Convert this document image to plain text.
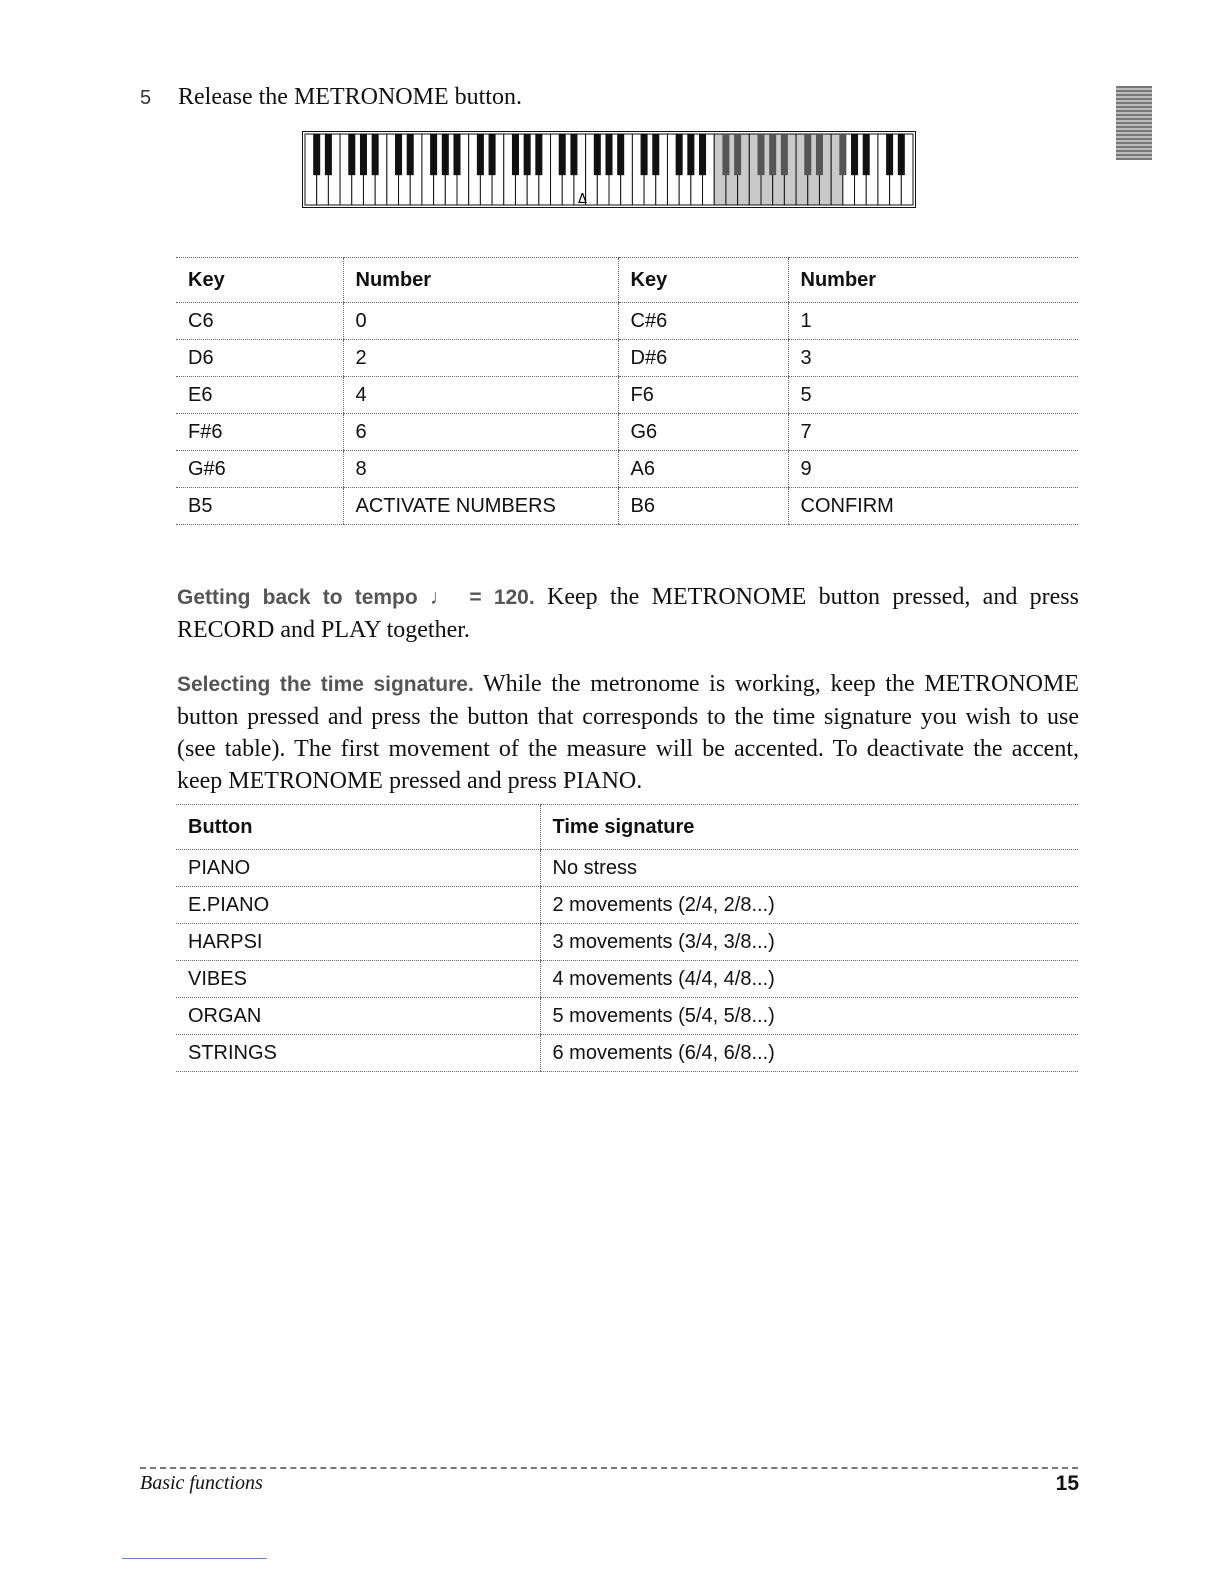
5 Release the METRONOME button.
Δ
Key	Number	Key	Number
C6	0	C#6	1
D6	2	D#6	3
E6	4	F6	5
F#6	6	G6	7
G#6	8	A6	9
B5	ACTIVATE NUMBERS	B6	CONFIRM

Getting back to tempo ♩ = 120. Keep the METRONOME button pressed, and press RECORD and PLAY together.

Selecting the time signature. While the metronome is working, keep the METRONOME button pressed and press the button that corresponds to the time signature you wish to use (see table). The first movement of the measure will be accented. To deactivate the accent, keep METRONOME pressed and press PIANO.

Button	Time signature
PIANO	No stress
E.PIANO	2 movements (2/4, 2/8...)
HARPSI	3 movements (3/4, 3/8...)
VIBES	4 movements (4/4, 4/8...)
ORGAN	5 movements (5/4, 5/8...)
STRINGS	6 movements (6/4, 6/8...)
Basic functions	15
